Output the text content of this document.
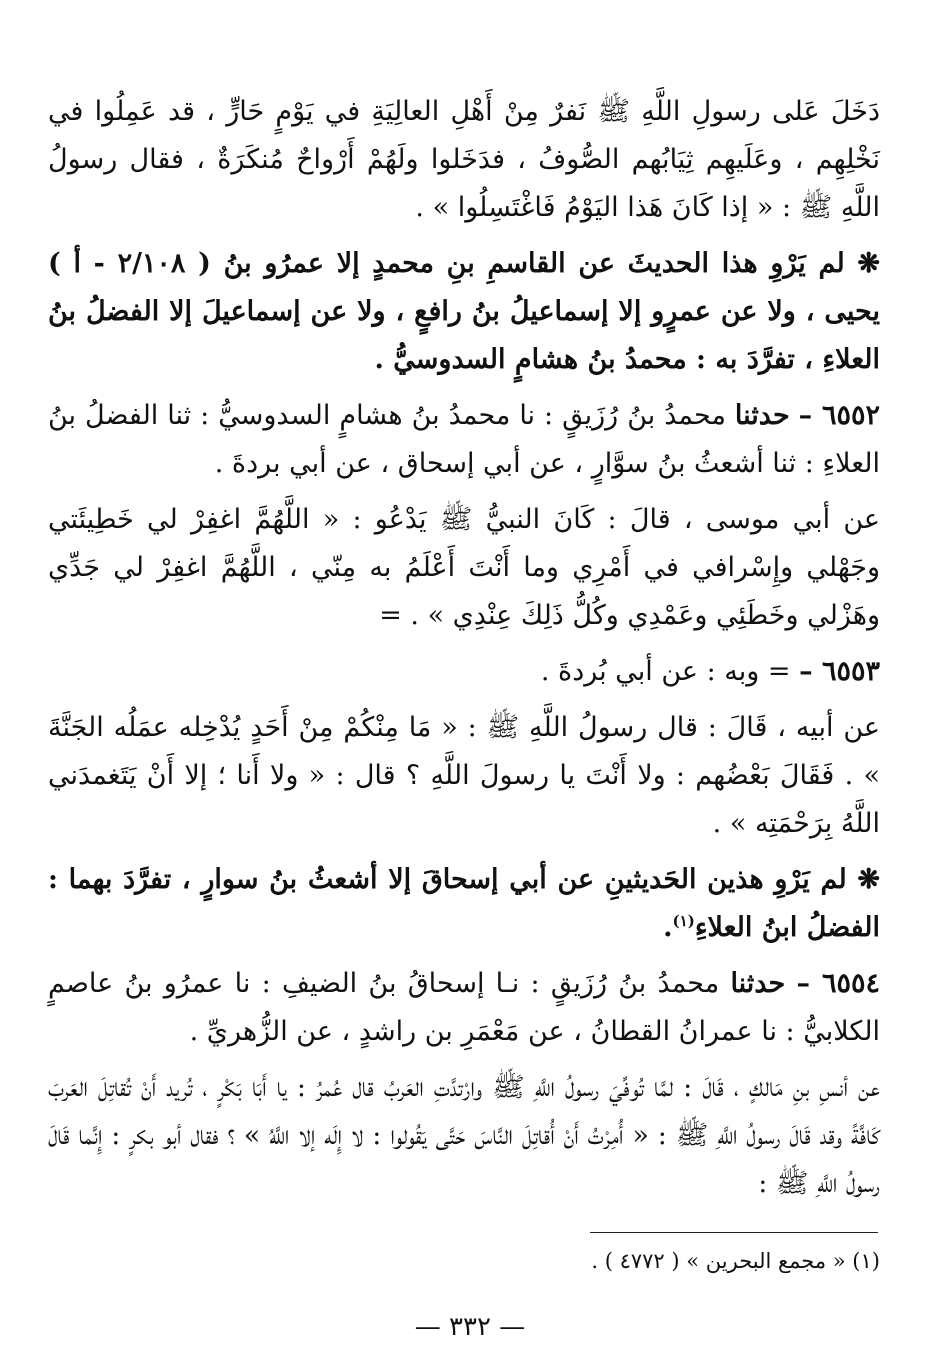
دَخَلَ عَلى رسولِ اللَّهِ ﷺ نَفرٌ مِنْ أَهْلِ العالِيَةِ في يَوْمٍ حَارٍّ ، قد عَمِلُوا في نَخْلِهِم ، وعَلَيهِم ثِيَابُهم الصُّوفُ ، فدَخَلوا ولَهُمْ أَرْواحٌ مُنكَرَةٌ ، فقال رسولُ اللَّهِ ﷺ : « إذا كَانَ هَذا اليَوْمُ فَاغْتَسِلُوا » .

❋ لم يَرْوِ هذا الحديثَ عن القاسمِ بنِ محمدٍ إلا عمرُو بنُ ( ٢/١٠٨ - أ ) يحيى ، ولا عن عمرٍو إلا إسماعيلُ بنُ رافعٍ ، ولا عن إسماعيلَ إلا الفضلُ بنُ العلاءِ ، تفرَّدَ به : محمدُ بنُ هشامٍ السدوسيُّ .

٦٥٥٢ – حدثنا محمدُ بنُ رُزَيقٍ : نا محمدُ بنُ هشامٍ السدوسيُّ : ثنا الفضلُ بنُ العلاءِ : ثنا أشعثُ بنُ سوَّارٍ ، عن أبي إسحاق ، عن أبي بردةَ .

عن أبي موسى ، قالَ : كَانَ النبيُّ ﷺ يَدْعُو : « اللَّهُمَّ اغفِرْ لي خَطِيئَتي وجَهْلي وإِسْرافي في أَمْرِي وما أَنْتَ أَعْلَمُ به مِنّي ، اللَّهُمَّ اغفِرْ لي جَدِّي وهَزْلي وخَطَئِي وعَمْدِي وكُلُّ ذَلِكَ عِنْدِي » . =

٦٥٥٣ – = وبه : عن أبي بُردةَ .

عن أبيه ، قَالَ : قال رسولُ اللَّهِ ﷺ : « مَا مِنْكُمْ مِنْ أَحَدٍ يُدْخِله عمَلُه الجَنَّةَ » . فَقَالَ بَعْضُهم : ولا أَنْتَ يا رسولَ اللَّهِ ؟ قال : « ولا أَنا ؛ إلا أَنْ يَتَغمدَني اللَّهُ بِرَحْمَتِه » .

❋ لم يَرْوِ هذين الحَديثينِ عن أبي إسحاقَ إلا أشعثُ بنُ سوارٍ ، تفرَّدَ بهما : الفضلُ ابنُ العلاءِ$^{(١)}$.

٦٥٥٤ – حدثنا محمدُ بنُ رُزَيقٍ : نـا إسحاقُ بنُ الضيفِ : نا عمرُو بنُ عاصمٍ الكلابيُّ : نا عمرانُ القطانُ ، عن مَعْمَرِ بن راشدٍ ، عن الزُّهريِّ .

عن أنسِ بنِ مَالكٍ ، قَالَ : لمَّا تُوفِّيَ رسولُ اللَّهِ ﷺ وارْتدَّتِ العَربُ قال عُمرُ : يا أَبَا بَكْرٍ ، تُريد أَنْ تُقاتِلَ العَربَ كَافَّةً وقد قَالَ رسولُ اللَّهِ ﷺ : « أُمِرْتُ أَنْ أُقاتِلَ النَّاسَ حَتَّى يَقُولوا : لا إِلَه إلا اللَّهُ » ؟ فقال أبو بكرٍ : إِنَّما قَالَ رسولُ اللَّهِ ﷺ :

(١) « مجمع البحرين » ( ٤٧٧٢ ) .
— ٣٣٢ —
